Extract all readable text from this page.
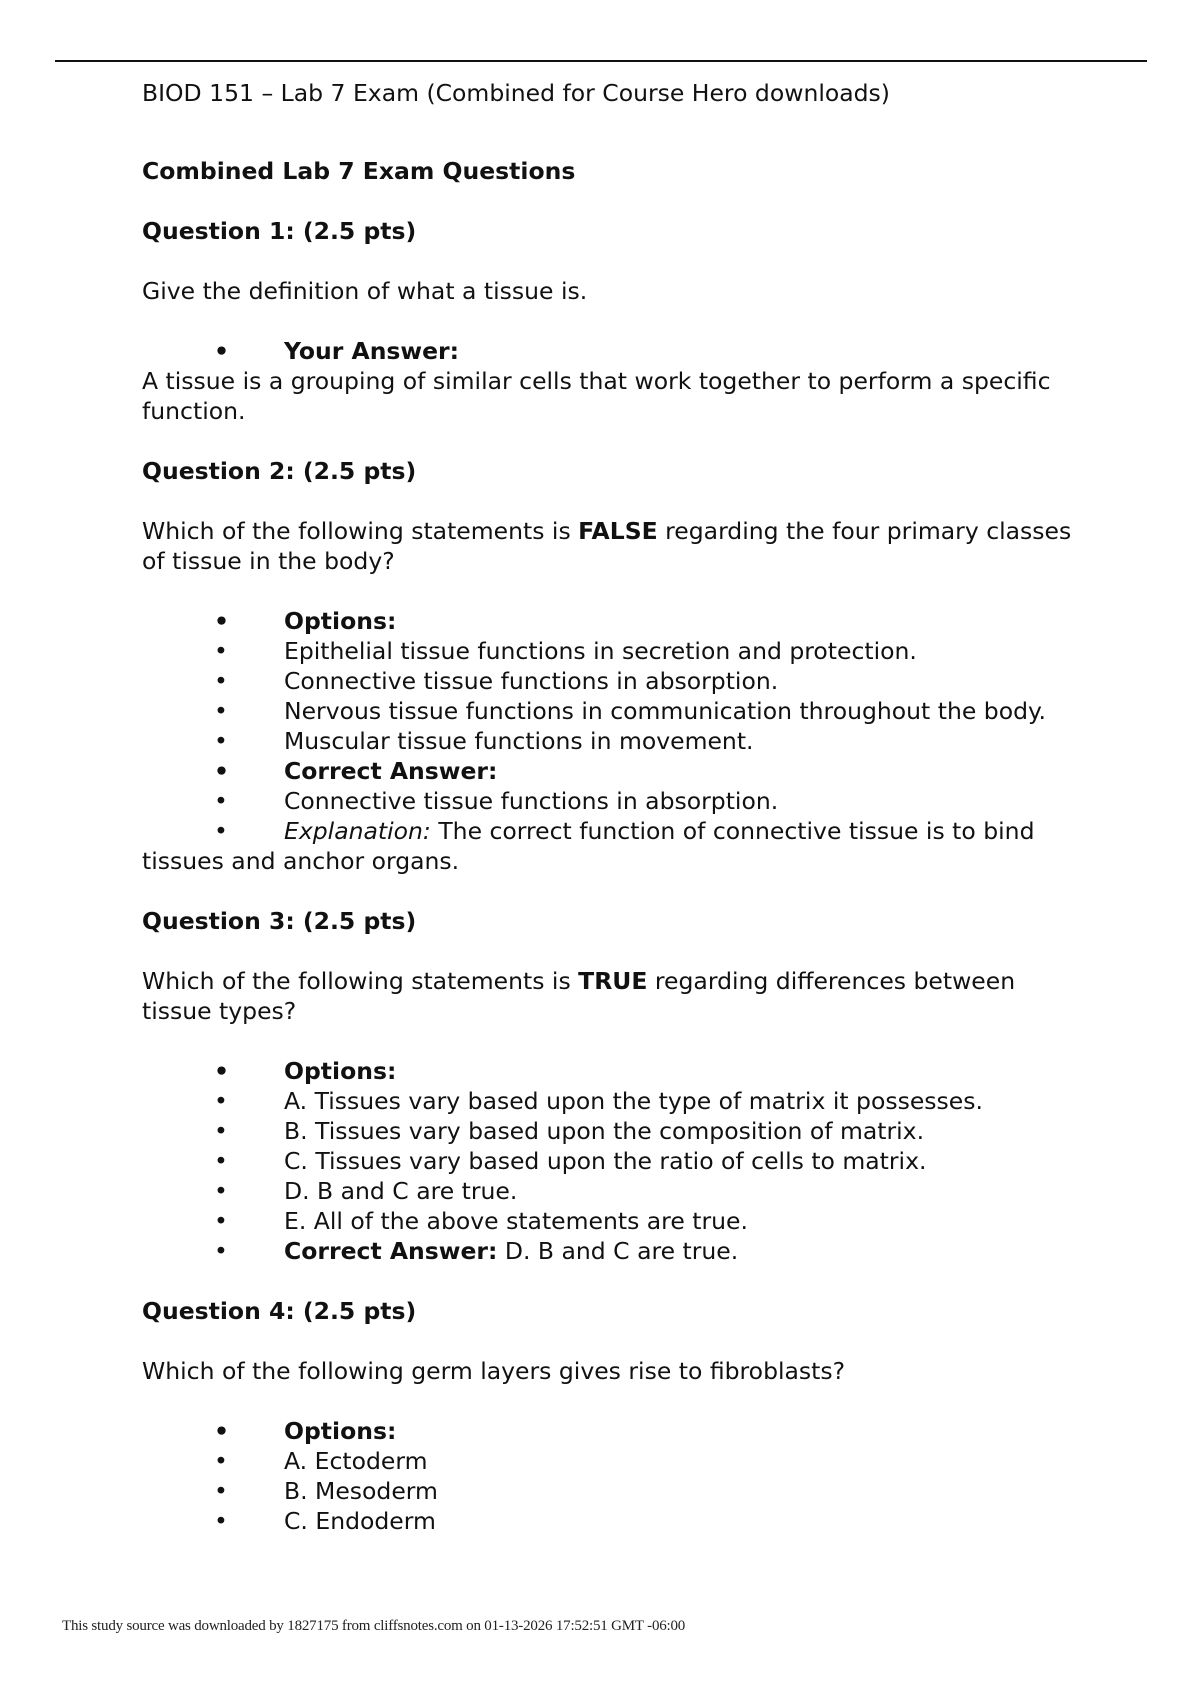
BIOD 151 – Lab 7 Exam (Combined for Course Hero downloads)

Combined Lab 7 Exam Questions

Question 1: (2.5 pts)

Give the definition of what a tissue is.

• Your Answer:

A tissue is a grouping of similar cells that work together to perform a specific function.

Question 2: (2.5 pts)

Which of the following statements is FALSE regarding the four primary classes of tissue in the body?

• Options:
• Epithelial tissue functions in secretion and protection.
• Connective tissue functions in absorption.
• Nervous tissue functions in communication throughout the body.
• Muscular tissue functions in movement.
• Correct Answer:
• Connective tissue functions in absorption.
• Explanation: The correct function of connective tissue is to bind

tissues and anchor organs.

Question 3: (2.5 pts)

Which of the following statements is TRUE regarding differences between tissue types?

• Options:
• A. Tissues vary based upon the type of matrix it possesses.
• B. Tissues vary based upon the composition of matrix.
• C. Tissues vary based upon the ratio of cells to matrix.
• D. B and C are true.
• E. All of the above statements are true.
• Correct Answer: D. B and C are true.

Question 4: (2.5 pts)

Which of the following germ layers gives rise to fibroblasts?

• Options:
• A. Ectoderm
• B. Mesoderm
• C. Endoderm
This study source was downloaded by 1827175 from cliffsnotes.com on 01-13-2026 17:52:51 GMT -06:00
